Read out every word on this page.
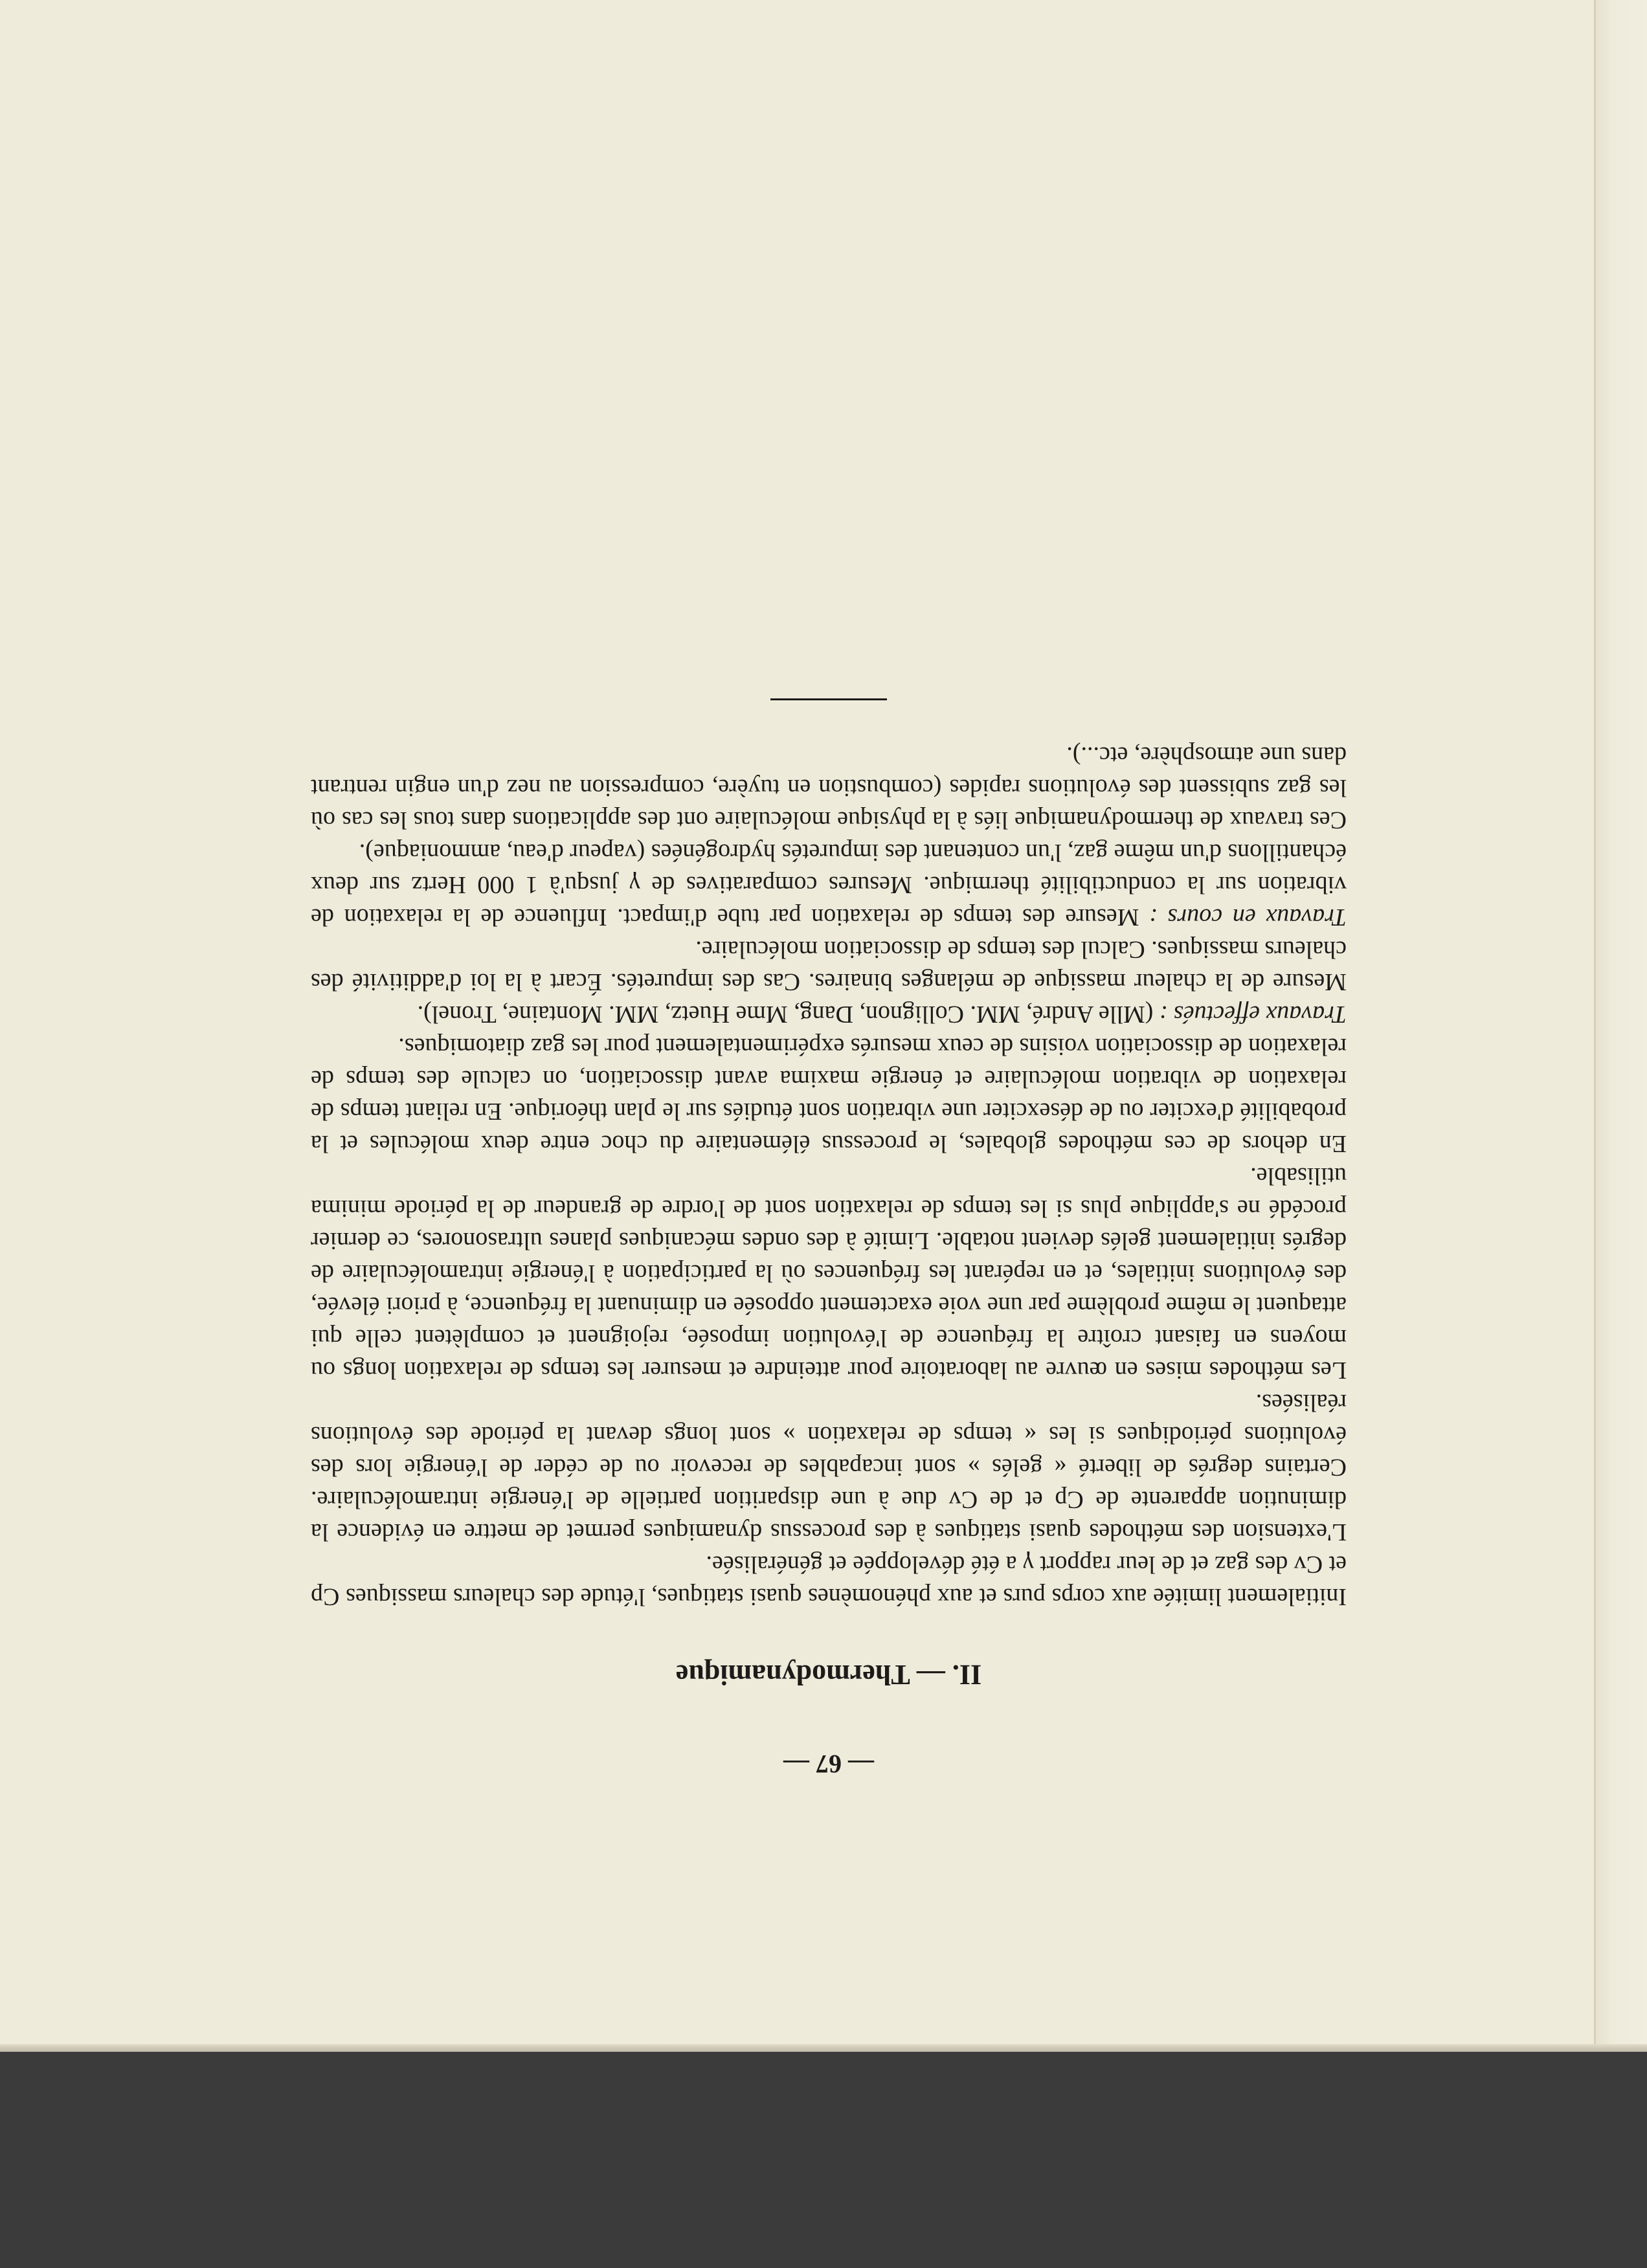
— 67 —
II. — Thermodynamique

Initialement limitée aux corps purs et aux phénomènes quasi statiques, l'étude des chaleurs massiques Cp et Cv des gaz et de leur rapport γ a été développée et généralisée.

L'extension des méthodes quasi statiques à des processus dynamiques permet de mettre en évidence la diminution apparente de Cp et de Cv due à une disparition partielle de l'énergie intramoléculaire. Certains degrés de liberté « gelés » sont incapables de recevoir ou de céder de l'énergie lors des évolutions périodiques si les « temps de relaxation » sont longs devant la période des évolutions réalisées.

Les méthodes mises en œuvre au laboratoire pour atteindre et mesurer les temps de relaxation longs ou moyens en faisant croître la fréquence de l'évolution imposée, rejoignent et complètent celle qui attaquent le même problème par une voie exactement opposée en diminuant la fréquence, à priori élevée, des évolutions initiales, et en repérant les fréquences où la participation à l'énergie intramoléculaire de degrés initialement gelés devient notable. Limité à des ondes mécaniques planes ultrasonores, ce dernier procédé ne s'applique plus si les temps de relaxation sont de l'ordre de grandeur de la période minima utilisable.

En dehors de ces méthodes globales, le processus élémentaire du choc entre deux molécules et la probabilité d'exciter ou de désexciter une vibration sont étudiés sur le plan théorique. En reliant temps de relaxation de vibration moléculaire et énergie maxima avant dissociation, on calcule des temps de relaxation de dissociation voisins de ceux mesurés expérimentalement pour les gaz diatomiques.

Travaux effectués : (Mlle André, MM. Collignon, Dang, Mme Huetz, MM. Montaine, Tronel).

Mesure de la chaleur massique de mélanges binaires. Cas des impuretés. Écart à la loi d'additivité des chaleurs massiques. Calcul des temps de dissociation moléculaire.

Travaux en cours : Mesure des temps de relaxation par tube d'impact. Influence de la relaxation de vibration sur la conductibilité thermique. Mesures comparatives de γ jusqu'à 1 000 Hertz sur deux échantillons d'un même gaz, l'un contenant des impuretés hydrogénées (vapeur d'eau, ammoniaque).

Ces travaux de thermodynamique liés à la physique moléculaire ont des applications dans tous les cas où les gaz subissent des évolutions rapides (combustion en tuyère, compression au nez d'un engin rentrant dans une atmosphère, etc...).
